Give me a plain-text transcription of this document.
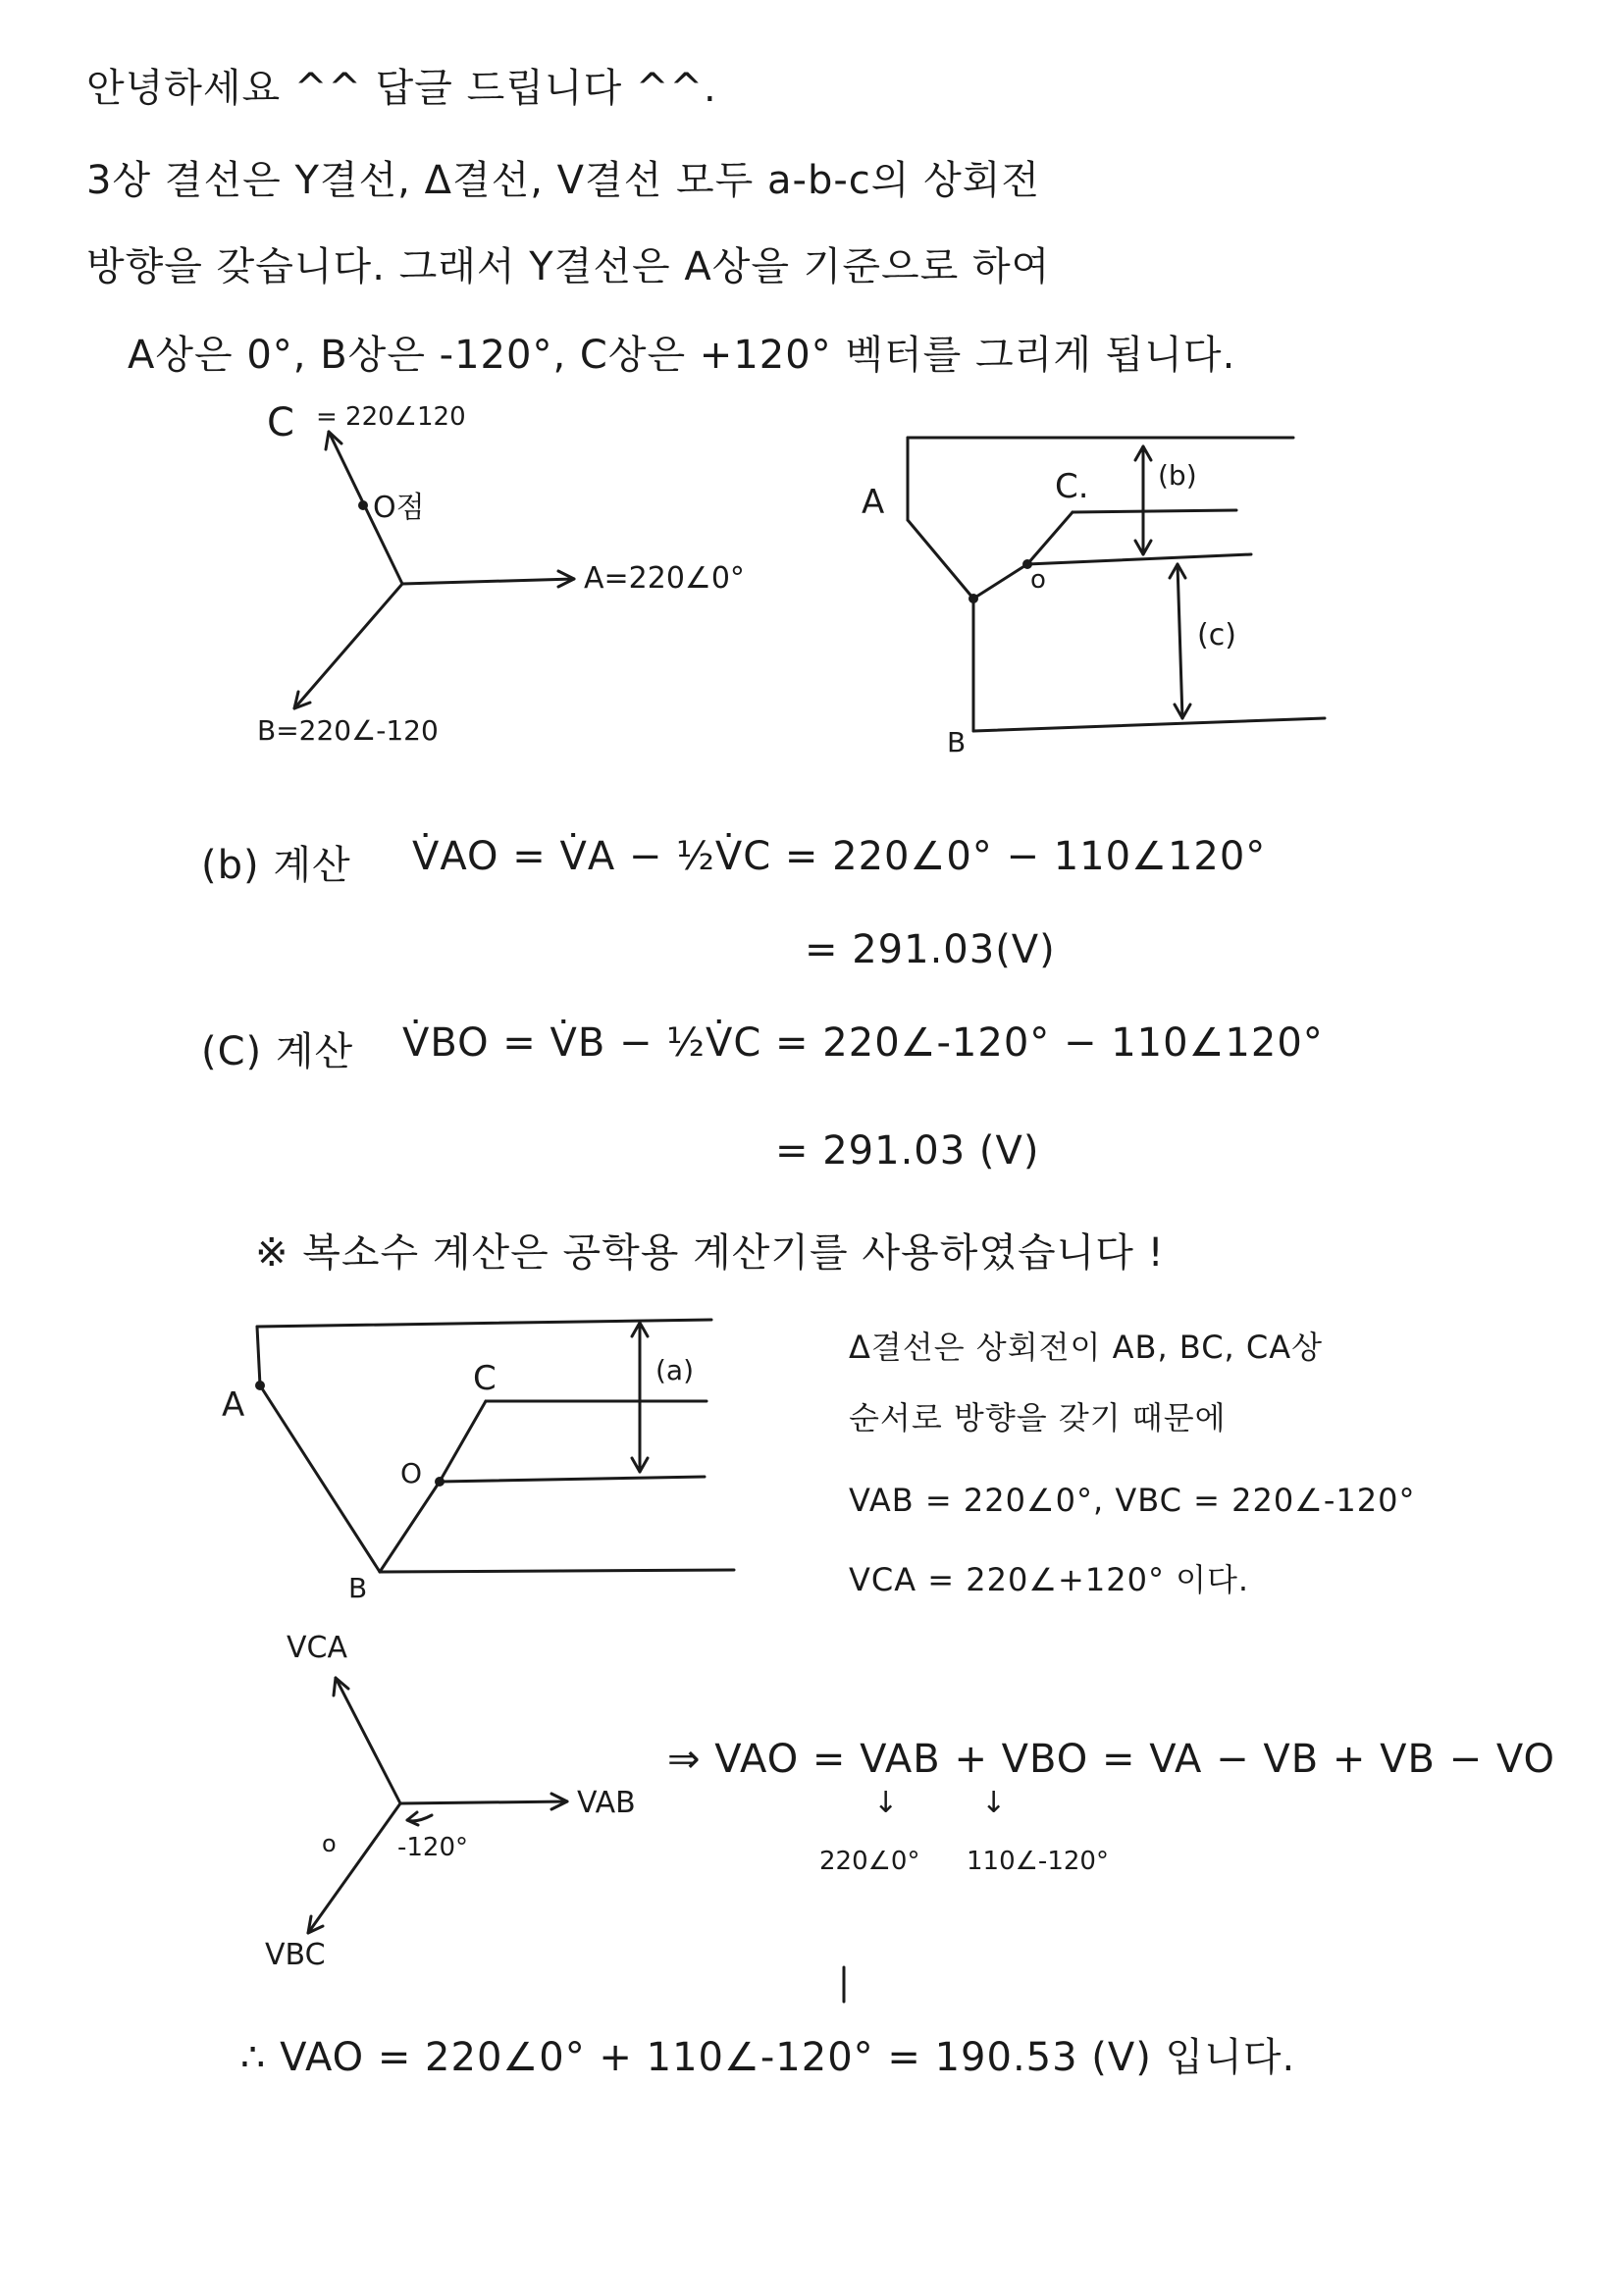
안녕하세요 ^^ 답글 드립니다 ^^.
3상 결선은 Y결선, Δ결선, V결선 모두 a-b-c의 상회전
방향을 갖습니다. 그래서 Y결선은 A상을 기준으로 하여
A상은 0°, B상은 -120°, C상은 +120° 벡터를 그리게 됩니다.
C = 220∠120
O점
A=220∠0°
B=220∠-120
A	C.
o
B
(b)
(c)
(b) 계산 V̇AO = V̇A − ½V̇C = 220∠0° − 110∠120°
= 291.03(V)
(C) 계산 V̇BO = V̇B − ½V̇C = 220∠-120° − 110∠120°
= 291.03 (V)
※ 복소수 계산은 공학용 계산기를 사용하였습니다 !
A
C
O
B
(a)
Δ결선은 상회전이 AB, BC, CA상
순서로 방향을 갖기 때문에
VAB = 220∠0°, VBC = 220∠-120°
VCA = 220∠+120° 이다.
VCA
VAB
o -120°
VBC
⇒ VAO = VAB + VBO = VA − VB + VB − VO
↓	↓
220∠0° 110∠-120°
∴ VAO = 220∠0° + 110∠-120° = 190.53 (V) 입니다.
